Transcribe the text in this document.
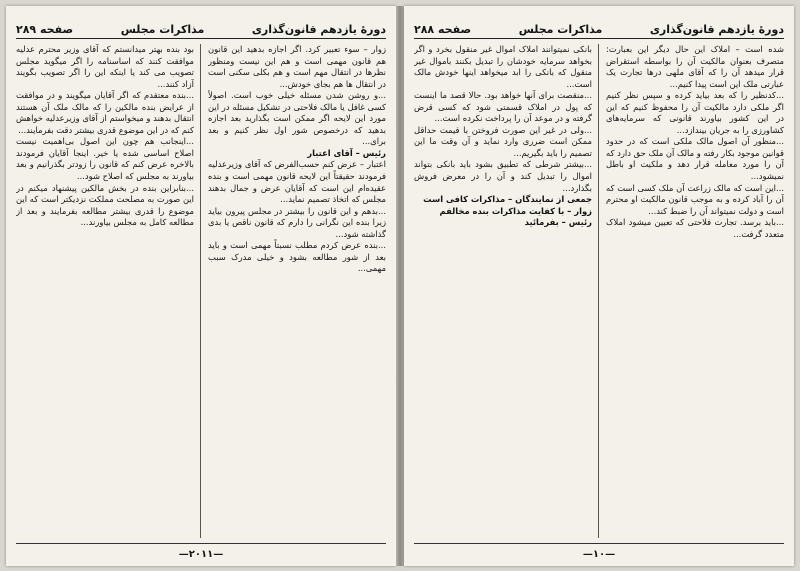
دورهٔ یازدهم قانون‌گذاری
مذاکرات مجلس
صفحه ۲۸۹

زوار – سوء تعبیر کرد. اگر اجازه بدهید این قانون هم قانون مهمی است و هم این نیست ومنظور نظرها در انتقال مهم است و هم بکلی سکنی است در انتقال ها هم بجای خودش...

...و روشن شدن مسئله خیلی خوب است. اصولاً کسی غافل یا مالک فلاحتی در تشکیل مسئله در این مورد این لایحه اگر ممکن است بگذارید بعد اجازه بدهید که درخصوص شور اول نظر کنیم و بعد برای...

رئیس – آقای اعتبار

اعتبار – عرض کنم حسب‌الفرض که آقای وزیرعدلیه فرمودند حقیقتاً این لایحه قانون مهمی است و بنده عقیده‌ام این است که آقایان عرض و جمال بدهند مجلس که اتخاذ تصمیم نماید...

...بدهم و این قانون را بیشتر در مجلس پیرون بیاید زیرا بنده این نگرانی را دارم که قانون ناقص یا بدی گذاشته شود...

...بنده عرض کردم مطلب نسبتاً مهمی است و باید بعد از شور مطالعه بشود و خیلی مدرک سبب مهمی...

بود بنده بهتر میدانستم که آقای وزیر محترم عدلیه موافقت کنند که اساسنامه را اگر میگوید مجلس تصویب می کند یا اینکه این را اگر تصویب بگویند آزاد کنند...

...بنده معتقدم که اگر آقایان میگویند و در موافقت از عرایض بنده مالکین را که مالک ملک آن هستند انتقال بدهند و میخواستم از آقای وزیرعدلیه خواهش کنم که در این موضوع قدری بیشتر دقت بفرمایند...

...اینجانب هم چون این اصول بی‌اهمیت نیست اصلاح اساسی شده یا خیر. اینجا آقایان فرمودند بالاخره عرض کنم که قانون را زودتر بگذرانیم و بعد بیاورند به مجلس که اصلاح شود...

...بنابراین بنده در بخش مالکین پیشنهاد میکنم در این صورت به مصلحت مملکت نزدیکتر است که این موضوع را قدری بیشتر مطالعه بفرمایند و بعد از مطالعه کامل به مجلس بیاورند...

—۲۰۱۱—
دورهٔ یازدهم قانون‌گذاری
مذاکرات مجلس
صفحه ۲۸۸

شده است – املاک این حال دیگر این بعبارت: متصرف بعنوان مالکیت آن را بواسطه استقراض قرار میدهد آن را که آقای ملهی درها تجارت یک عبارتی ملک این است پیدا کنیم...

...کدنظیر را که بعد بیاید کرده و سپس نظر کنیم اگر ملکی دارد مالکیت آن را محفوظ کنیم که این در این کشور بیاورند قانونی که سرمایه‌های کشاورزی را به جریان بیندازد...

...منظور آن اصول مالک ملکی است که در حدود قوانین موجود بکار رفته و مالک آن ملک حق دارد که آن را مورد معامله قرار دهد و ملکیت او باطل نمیشود...

...این است که مالک زراعت آن ملک کسی است که آن را آباد کرده و به موجب قانون مالکیت او محترم است و دولت نمیتواند آن را ضبط کند...

...باید برسد. تجارت فلاحتی که تعیین میشود املاک متعدد گرفت...

بانکی نمیتوانند املاک اموال غیر منقول بخرد و اگر بخواهد سرمایه خودشان را تبدیل بکنند باموال غیر منقول که بانکی را ابد میخواهد اینها خودش مالک است...

...منقصت برای آنها خواهد بود. حالا قصد ما اینست که پول در املاک قسمتی شود که کسی قرض گرفته و در موعد آن را پرداخت نکرده است...

...ولی در غیر این صورت فروختن با قیمت حداقل ممکن است ضرری وارد نماید و آن وقت ما این تصمیم را باید بگیریم...

...بیشتر شرطی که تطبیق بشود باید بانکی بتواند اموال را تبدیل کند و آن را در معرض فروش بگذارد...

جمعی از نمایندگان – مذاکرات کافی است

زوار – با کفایت مذاکرات بنده مخالفم

رئیس – بفرمائید

—۱۰—
